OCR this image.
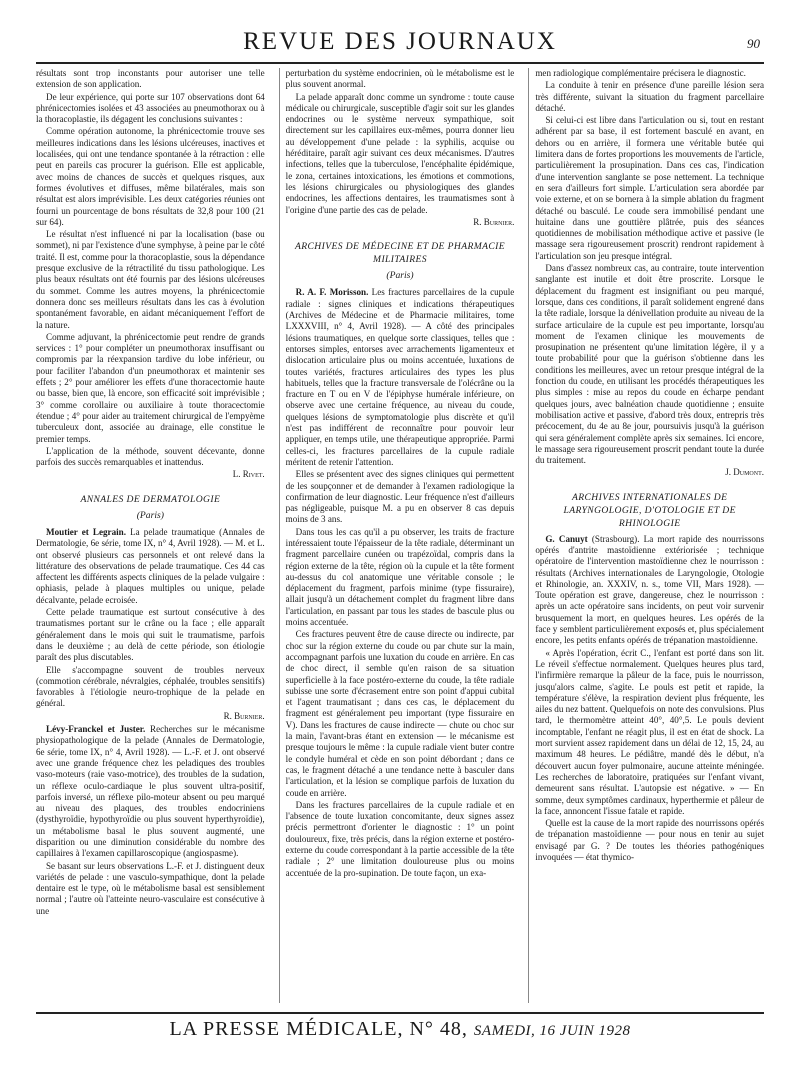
REVUE DES JOURNAUX	90

résultats sont trop inconstants pour autoriser une telle extension de son application.

De leur expérience, qui porte sur 107 observations dont 64 phrénicectomies isolées et 43 associées au pneumothorax ou à la thoracoplastie, ils dégagent les conclusions suivantes :

Comme opération autonome, la phrénicectomie trouve ses meilleures indications dans les lésions ulcéreuses, inactives et localisées, qui ont une tendance spontanée à la rétraction : elle peut en pareils cas procurer la guérison. Elle est applicable, avec moins de chances de succès et quelques risques, aux formes évolutives et diffuses, même bilatérales, mais son résultat est alors imprévisible. Les deux catégories réunies ont fourni un pourcentage de bons résultats de 32,8 pour 100 (21 sur 64).

Le résultat n'est influencé ni par la localisation (base ou sommet), ni par l'existence d'une symphyse, à peine par le côté traité. Il est, comme pour la thoracoplastie, sous la dépendance presque exclusive de la rétractilité du tissu pathologique. Les plus beaux résultats ont été fournis par des lésions ulcéreuses du sommet. Comme les autres moyens, la phrénicectomie donnera donc ses meilleurs résultats dans les cas à évolution spontanément favorable, en aidant mécaniquement l'effort de la nature.

Comme adjuvant, la phrénicectomie peut rendre de grands services : 1° pour compléter un pneumothorax insuffisant ou compromis par la réexpansion tardive du lobe inférieur, ou pour faciliter l'abandon d'un pneumothorax et maintenir ses effets ; 2° pour améliorer les effets d'une thoracectomie haute ou basse, bien que, là encore, son efficacité soit imprévisible ; 3° comme corollaire ou auxiliaire à toute thoracectomie étendue ; 4° pour aider au traitement chirurgical de l'empyème tuberculeux dont, associée au drainage, elle constitue le premier temps.

L'application de la méthode, souvent décevante, donne parfois des succès remarquables et inattendus.

L. Rivet.
ANNALES DE DERMATOLOGIE
(Paris)

Moutier et Legrain. La pelade traumatique (Annales de Dermatologie, 6e série, tome IX, n° 4, Avril 1928). — M. et L. ont observé plusieurs cas personnels et ont relevé dans la littérature des observations de pelade traumatique. Ces 44 cas affectent les différents aspects cliniques de la pelade vulgaire : ophiasis, pelade à plaques multiples ou unique, pelade décalvante, pelade ecroisée.

Cette pelade traumatique est surtout consécutive à des traumatismes portant sur le crâne ou la face ; elle apparaît généralement dans le mois qui suit le traumatisme, parfois dans le deuxième ; au delà de cette période, son étiologie paraît des plus discutables.

Elle s'accompagne souvent de troubles nerveux (commotion cérébrale, névralgies, céphalée, troubles sensitifs) favorables à l'étiologie neuro-trophique de la pelade en général.

R. Burnier.

Lévy-Franckel et Juster. Recherches sur le mécanisme physiopathologique de la pelade (Annales de Dermatologie, 6e série, tome IX, n° 4, Avril 1928). — L.-F. et J. ont observé avec une grande fréquence chez les peladiques des troubles vaso-moteurs (raie vaso-motrice), des troubles de la sudation, un réflexe oculo-cardiaque le plus souvent ultra-positif, parfois inversé, un réflexe pilo-moteur absent ou peu marqué au niveau des plaques, des troubles endocriniens (dysthyroïdie, hypothyroïdie ou plus souvent hyperthyroïdie), un métabolisme basal le plus souvent augmenté, une disparition ou une diminution considérable du nombre des capillaires à l'examen capillaroscopique (angiospasme).

Se basant sur leurs observations L.-F. et J. distinguent deux variétés de pelade : une vasculo-sympathique, dont la pelade dentaire est le type, où le métabolisme basal est sensiblement normal ; l'autre où l'atteinte neuro-vasculaire est consécutive à une

perturbation du système endocrinien, où le métabolisme est le plus souvent anormal.

La pelade apparaît donc comme un syndrome : toute cause médicale ou chirurgicale, susceptible d'agir soit sur les glandes endocrines ou le système nerveux sympathique, soit directement sur les capillaires eux-mêmes, pourra donner lieu au développement d'une pelade : la syphilis, acquise ou héréditaire, paraît agir suivant ces deux mécanismes. D'autres infections, telles que la tuberculose, l'encéphalite épidémique, le zona, certaines intoxications, les émotions et commotions, les lésions chirurgicales ou physiologiques des glandes endocrines, les affections dentaires, les traumatismes sont à l'origine d'une partie des cas de pelade.

R. Burnier.
ARCHIVES DE MÉDECINE ET DE PHARMACIE MILITAIRES
(Paris)

R. A. F. Morisson. Les fractures parcellaires de la cupule radiale : signes cliniques et indications thérapeutiques (Archives de Médecine et de Pharmacie militaires, tome LXXXVIII, n° 4, Avril 1928). — A côté des principales lésions traumatiques, en quelque sorte classiques, telles que : entorses simples, entorses avec arrachements ligamenteux et dislocation articulaire plus ou moins accentuée, luxations de toutes variétés, fractures articulaires des types les plus habituels, telles que la fracture transversale de l'olécrâne ou la fracture en T ou en V de l'épiphyse humérale inférieure, on observe avec une certaine fréquence, au niveau du coude, quelques lésions de symptomatologie plus discrète et qu'il n'est pas indifférent de reconnaître pour pouvoir leur appliquer, en temps utile, une thérapeutique appropriée. Parmi celles-ci, les fractures parcellaires de la cupule radiale méritent de retenir l'attention.

Elles se présentent avec des signes cliniques qui permettent de les soupçonner et de demander à l'examen radiologique la confirmation de leur diagnostic. Leur fréquence n'est d'ailleurs pas négligeable, puisque M. a pu en observer 8 cas depuis moins de 3 ans.

Dans tous les cas qu'il a pu observer, les traits de fracture intéressaient toute l'épaisseur de la tête radiale, déterminant un fragment parcellaire cunéen ou trapézoïdal, compris dans la région externe de la tête, région où la cupule et la tête forment au-dessus du col anatomique une véritable console ; le déplacement du fragment, parfois minime (type fissuraire), allait jusqu'à un détachement complet du fragment libre dans l'articulation, en passant par tous les stades de bascule plus ou moins accentuée.

Ces fractures peuvent être de cause directe ou indirecte, par choc sur la région externe du coude ou par chute sur la main, accompagnant parfois une luxation du coude en arrière. En cas de choc direct, il semble qu'en raison de sa situation superficielle à la face postéro-externe du coude, la tête radiale subisse une sorte d'écrasement entre son point d'appui cubital et l'agent traumatisant ; dans ces cas, le déplacement du fragment est généralement peu important (type fissuraire en V). Dans les fractures de cause indirecte — chute ou choc sur la main, l'avant-bras étant en extension — le mécanisme est presque toujours le même : la cupule radiale vient buter contre le condyle huméral et cède en son point débordant ; dans ce cas, le fragment détaché a une tendance nette à basculer dans l'articulation, et la lésion se complique parfois de luxation du coude en arrière.

Dans les fractures parcellaires de la cupule radiale et en l'absence de toute luxation concomitante, deux signes assez précis permettront d'orienter le diagnostic : 1° un point douloureux, fixe, très précis, dans la région externe et postéro-externe du coude correspondant à la partie accessible de la tête radiale ; 2° une limitation douloureuse plus ou moins accentuée de la pro-supination. De toute façon, un exa-

men radiologique complémentaire précisera le diagnostic.

La conduite à tenir en présence d'une pareille lésion sera très différente, suivant la situation du fragment parcellaire détaché.

Si celui-ci est libre dans l'articulation ou si, tout en restant adhérent par sa base, il est fortement basculé en avant, en dehors ou en arrière, il formera une véritable butée qui limitera dans de fortes proportions les mouvements de l'article, particulièrement la prosupination. Dans ces cas, l'indication d'une intervention sanglante se pose nettement. La technique en sera d'ailleurs fort simple. L'articulation sera abordée par voie externe, et on se bornera à la simple ablation du fragment détaché ou basculé. Le coude sera immobilisé pendant une huitaine dans une gouttière plâtrée, puis des séances quotidiennes de mobilisation méthodique active et passive (le massage sera rigoureusement proscrit) rendront rapidement à l'articulation son jeu presque intégral.

Dans d'assez nombreux cas, au contraire, toute intervention sanglante est inutile et doit être proscrite. Lorsque le déplacement du fragment est insignifiant ou peu marqué, lorsque, dans ces conditions, il paraît solidement engrené dans la tête radiale, lorsque la dénivellation produite au niveau de la surface articulaire de la cupule est peu importante, lorsqu'au moment de l'examen clinique les mouvements de prosupination ne présentent qu'une limitation légère, il y a toute probabilité pour que la guérison s'obtienne dans les conditions les meilleures, avec un retour presque intégral de la fonction du coude, en utilisant les procédés thérapeutiques les plus simples : mise au repos du coude en écharpe pendant quelques jours, avec balnéation chaude quotidienne ; ensuite mobilisation active et passive, d'abord très doux, entrepris très précocement, du 4e au 8e jour, poursuivis jusqu'à la guérison qui sera généralement complète après six semaines. Ici encore, le massage sera rigoureusement proscrit pendant toute la durée du traitement.

J. Dumont.
ARCHIVES INTERNATIONALES DE LARYNGOLOGIE, D'OTOLOGIE ET DE RHINOLOGIE

G. Canuyt (Strasbourg). La mort rapide des nourrissons opérés d'antrite mastoïdienne extériorisée ; technique opératoire de l'intervention mastoïdienne chez le nourrisson : résultats (Archives internationales de Laryngologie, Otologie et Rhinologie, an. XXXIV, n. s., tome VII, Mars 1928). — Toute opération est grave, dangereuse, chez le nourrisson : après un acte opératoire sans incidents, on peut voir survenir brusquement la mort, en quelques heures. Les opérés de la face y semblent particulièrement exposés et, plus spécialement encore, les petits enfants opérés de trépanation mastoïdienne.

« Après l'opération, écrit C., l'enfant est porté dans son lit. Le réveil s'effectue normalement. Quelques heures plus tard, l'infirmière remarque la pâleur de la face, puis le nourrisson, jusqu'alors calme, s'agite. Le pouls est petit et rapide, la température s'élève, la respiration devient plus fréquente, les ailes du nez battent. Quelquefois on note des convulsions. Plus tard, le thermomètre atteint 40°, 40°,5. Le pouls devient incomptable, l'enfant ne réagit plus, il est en état de shock. La mort survient assez rapidement dans un délai de 12, 15, 24, au maximum 48 heures. Le pédiâtre, mandé dès le début, n'a découvert aucun foyer pulmonaire, aucune atteinte méningée. Les recherches de laboratoire, pratiquées sur l'enfant vivant, demeurent sans résultat. L'autopsie est négative. » — En somme, deux symptômes cardinaux, hyperthermie et pâleur de la face, annoncent l'issue fatale et rapide.

Quelle est la cause de la mort rapide des nourrissons opérés de trépanation mastoïdienne — pour nous en tenir au sujet envisagé par G. ? De toutes les théories pathogéniques invoquées — état thymico-

LA PRESSE MÉDICALE, N° 48, SAMEDI, 16 JUIN 1928
